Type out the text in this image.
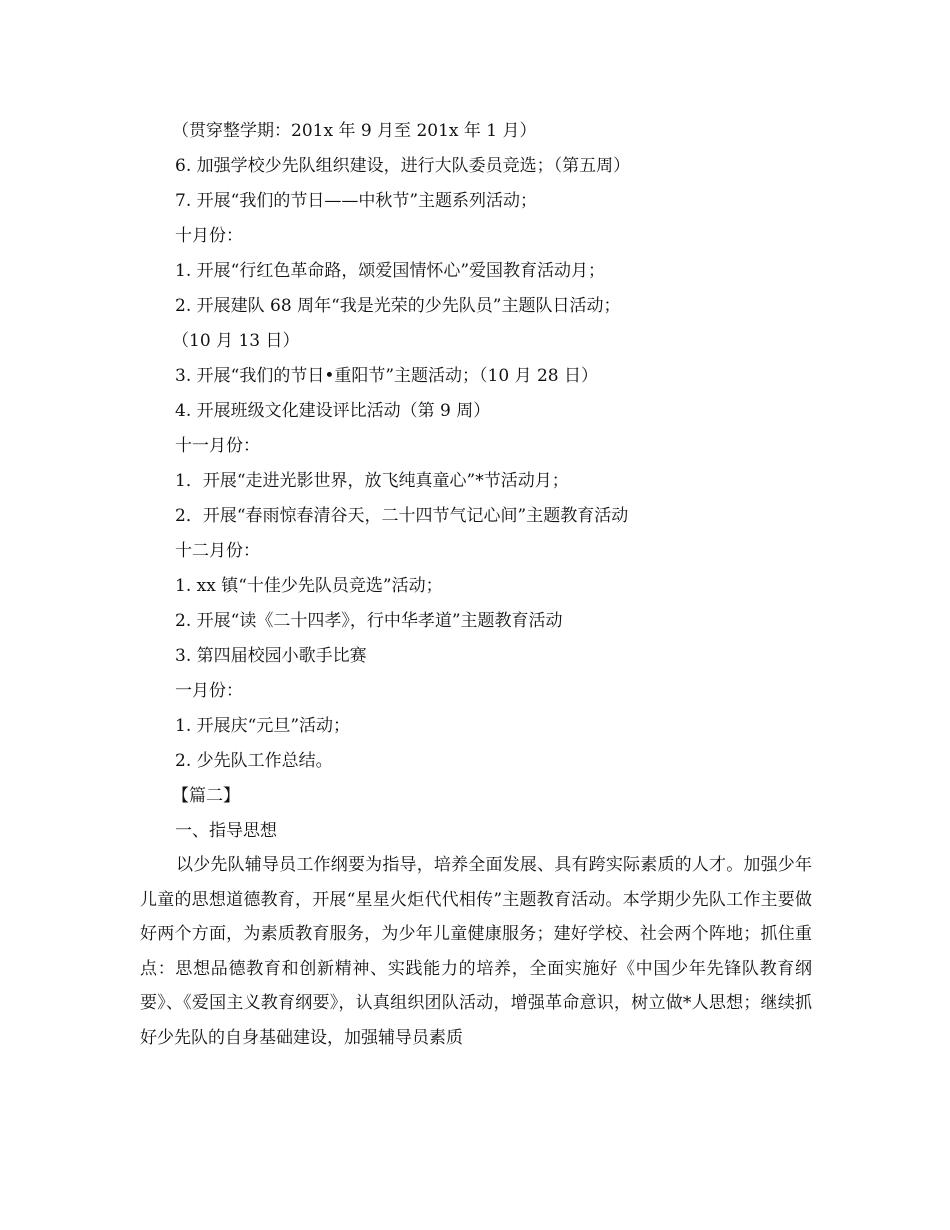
（贯穿整学期：201x 年 9 月至 201x 年 1 月）
6. 加强学校少先队组织建设，进行大队委员竞选；（第五周）
7. 开展“我们的节日——中秋节”主题系列活动；
十月份：
1. 开展“行红色革命路，颂爱国情怀心”爱国教育活动月；
2. 开展建队 68 周年“我是光荣的少先队员”主题队日活动；
（10 月 13 日）
3. 开展“我们的节日•重阳节”主题活动；（10 月 28 日）
4. 开展班级文化建设评比活动（第 9 周）
十一月份：
1．开展“走进光影世界，放飞纯真童心”*节活动月；
2．开展“春雨惊春清谷天，二十四节气记心间”主题教育活动
十二月份：
1. xx 镇“十佳少先队员竞选”活动；
2. 开展“读《二十四孝》，行中华孝道”主题教育活动
3. 第四届校园小歌手比赛
一月份：
1. 开展庆“元旦”活动；
2. 少先队工作总结。
【篇二】
一、指导思想

以少先队辅导员工作纲要为指导，培养全面发展、具有跨实际素质的人才。加强少年儿童的思想道德教育，开展“星星火炬代代相传”主题教育活动。本学期少先队工作主要做好两个方面，为素质教育服务，为少年儿童健康服务；建好学校、社会两个阵地；抓住重点：思想品德教育和创新精神、实践能力的培养，全面实施好《中国少年先锋队教育纲要》、《爱国主义教育纲要》，认真组织团队活动，增强革命意识，树立做*人思想；继续抓好少先队的自身基础建设，加强辅导员素质
